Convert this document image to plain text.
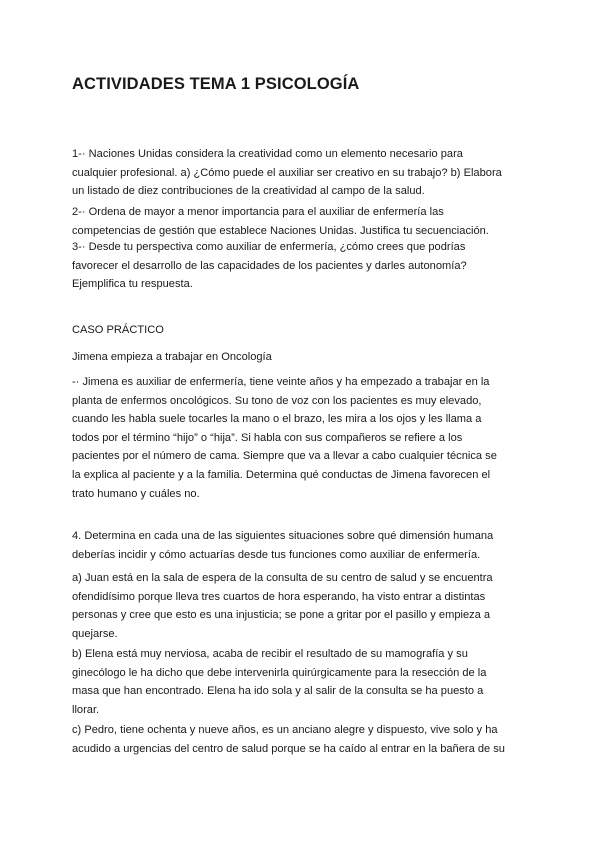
ACTIVIDADES TEMA 1 PSICOLOGÍA

1-· Naciones Unidas considera la creatividad como un elemento necesario para
cualquier profesional. a) ¿Cómo puede el auxiliar ser creativo en su trabajo? b) Elabora
un listado de diez contribuciones de la creatividad al campo de la salud.

2-· Ordena de mayor a menor importancia para el auxiliar de enfermería las
competencias de gestión que establece Naciones Unidas. Justifica tu secuenciación.

3-· Desde tu perspectiva como auxiliar de enfermería, ¿cómo crees que podrías
favorecer el desarrollo de las capacidades de los pacientes y darles autonomía?
Ejemplifica tu respuesta.

CASO PRÁCTICO

Jimena empieza a trabajar en Oncología

-· Jimena es auxiliar de enfermería, tiene veinte años y ha empezado a trabajar en la
planta de enfermos oncológicos. Su tono de voz con los pacientes es muy elevado,
cuando les habla suele tocarles la mano o el brazo, les mira a los ojos y les llama a
todos por el término “hijo” o “hija”. Si habla con sus compañeros se refiere a los
pacientes por el número de cama. Siempre que va a llevar a cabo cualquier técnica se
la explica al paciente y a la familia. Determina qué conductas de Jimena favorecen el
trato humano y cuáles no.

4. Determina en cada una de las siguientes situaciones sobre qué dimensión humana
deberías incidir y cómo actuarías desde tus funciones como auxiliar de enfermería.

a) Juan está en la sala de espera de la consulta de su centro de salud y se encuentra
ofendidísimo porque lleva tres cuartos de hora esperando, ha visto entrar a distintas
personas y cree que esto es una injusticia; se pone a gritar por el pasillo y empieza a
quejarse.

b) Elena está muy nerviosa, acaba de recibir el resultado de su mamografía y su
ginecólogo le ha dicho que debe intervenirla quirúrgicamente para la resección de la
masa que han encontrado. Elena ha ido sola y al salir de la consulta se ha puesto a
llorar.

c) Pedro, tiene ochenta y nueve años, es un anciano alegre y dispuesto, vive solo y ha
acudido a urgencias del centro de salud porque se ha caído al entrar en la bañera de su
